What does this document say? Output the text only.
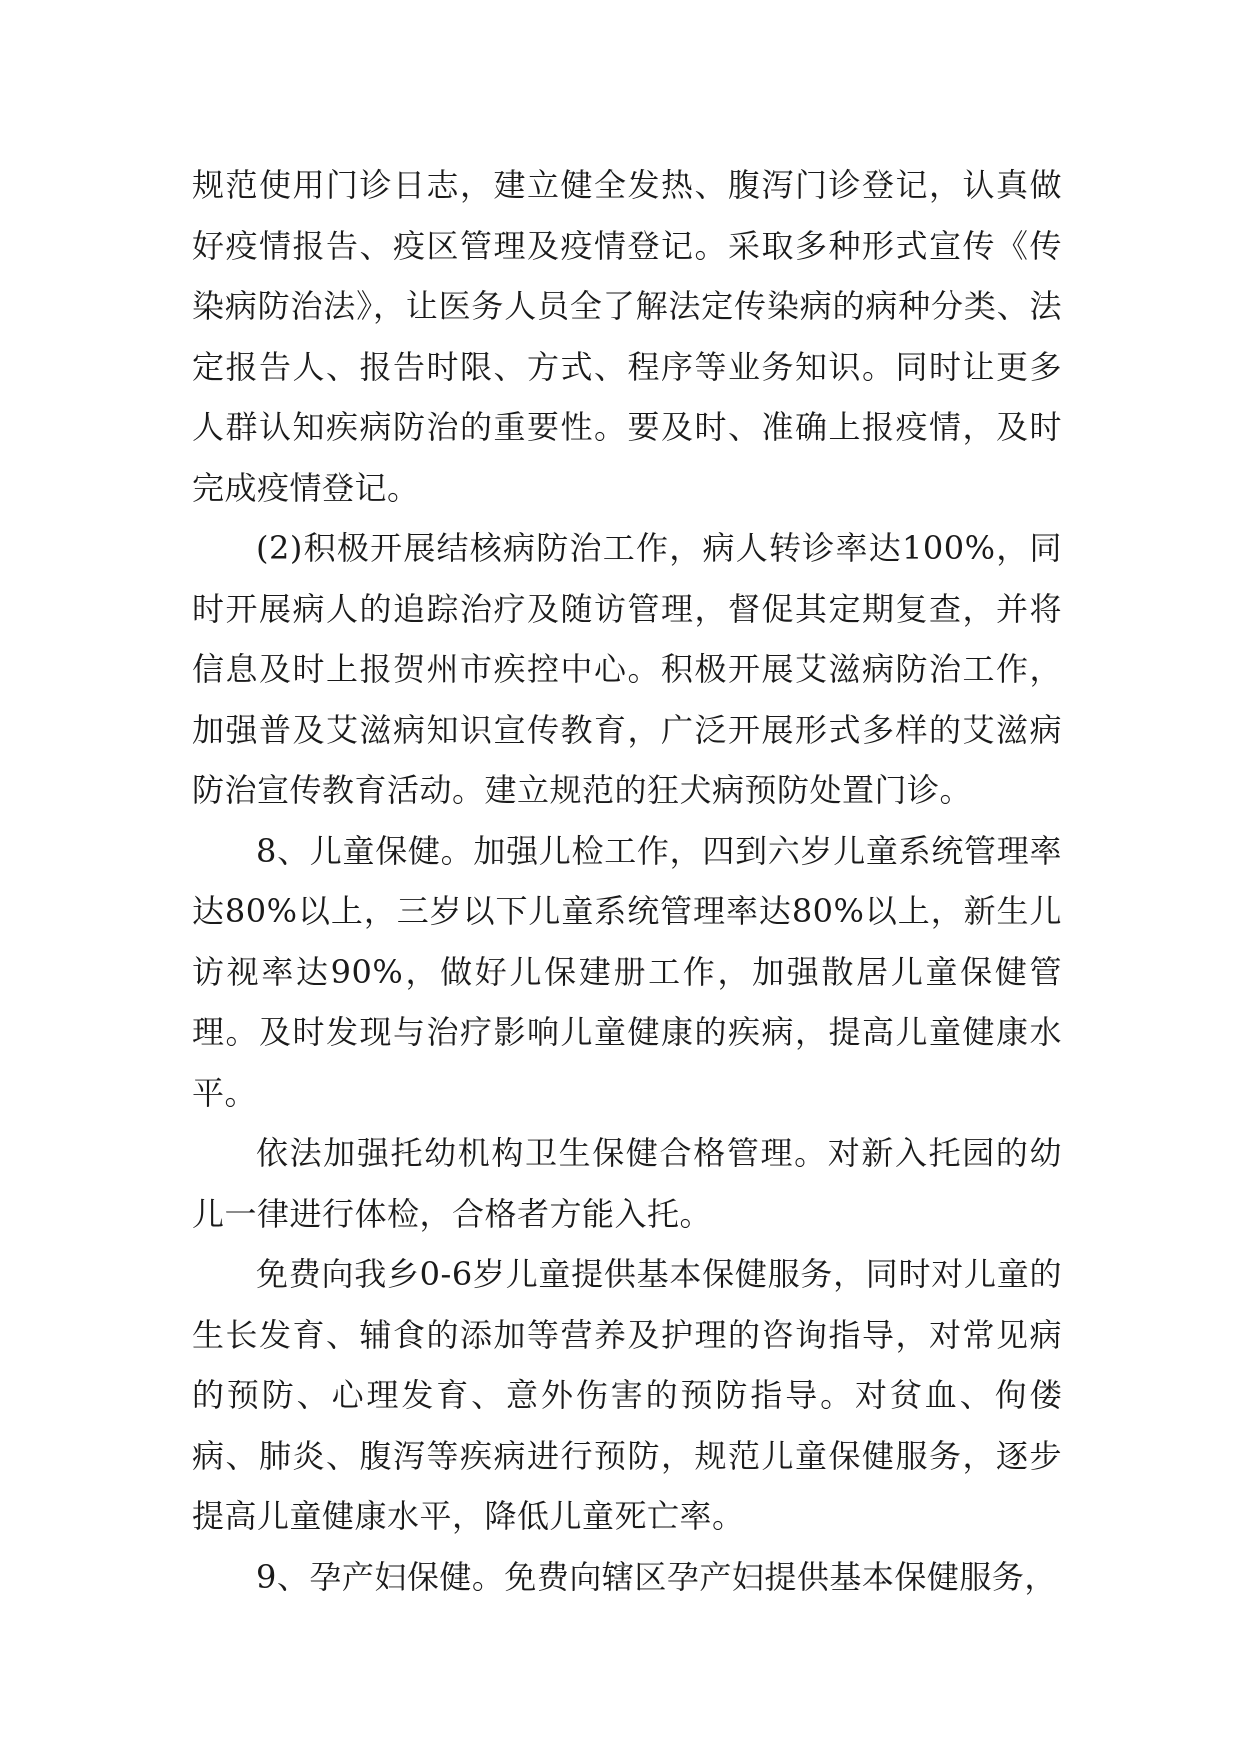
规范使用门诊日志，建立健全发热、腹泻门诊登记，认真做好疫情报告、疫区管理及疫情登记。采取多种形式宣传《传染病防治法》，让医务人员全了解法定传染病的病种分类、法定报告人、报告时限、方式、程序等业务知识。同时让更多人群认知疾病防治的重要性。要及时、准确上报疫情，及时完成疫情登记。

(2)积极开展结核病防治工作，病人转诊率达100%，同时开展病人的追踪治疗及随访管理，督促其定期复查，并将信息及时上报贺州市疾控中心。积极开展艾滋病防治工作，加强普及艾滋病知识宣传教育，广泛开展形式多样的艾滋病防治宣传教育活动。建立规范的狂犬病预防处置门诊。

8、儿童保健。加强儿检工作，四到六岁儿童系统管理率达80%以上，三岁以下儿童系统管理率达80%以上，新生儿访视率达90%，做好儿保建册工作，加强散居儿童保健管理。及时发现与治疗影响儿童健康的疾病，提高儿童健康水平。

依法加强托幼机构卫生保健合格管理。对新入托园的幼儿一律进行体检，合格者方能入托。

免费向我乡0-6岁儿童提供基本保健服务，同时对儿童的生长发育、辅食的添加等营养及护理的咨询指导，对常见病的预防、心理发育、意外伤害的预防指导。对贫血、佝偻病、肺炎、腹泻等疾病进行预防，规范儿童保健服务，逐步提高儿童健康水平，降低儿童死亡率。

9、孕产妇保健。免费向辖区孕产妇提供基本保健服务，
